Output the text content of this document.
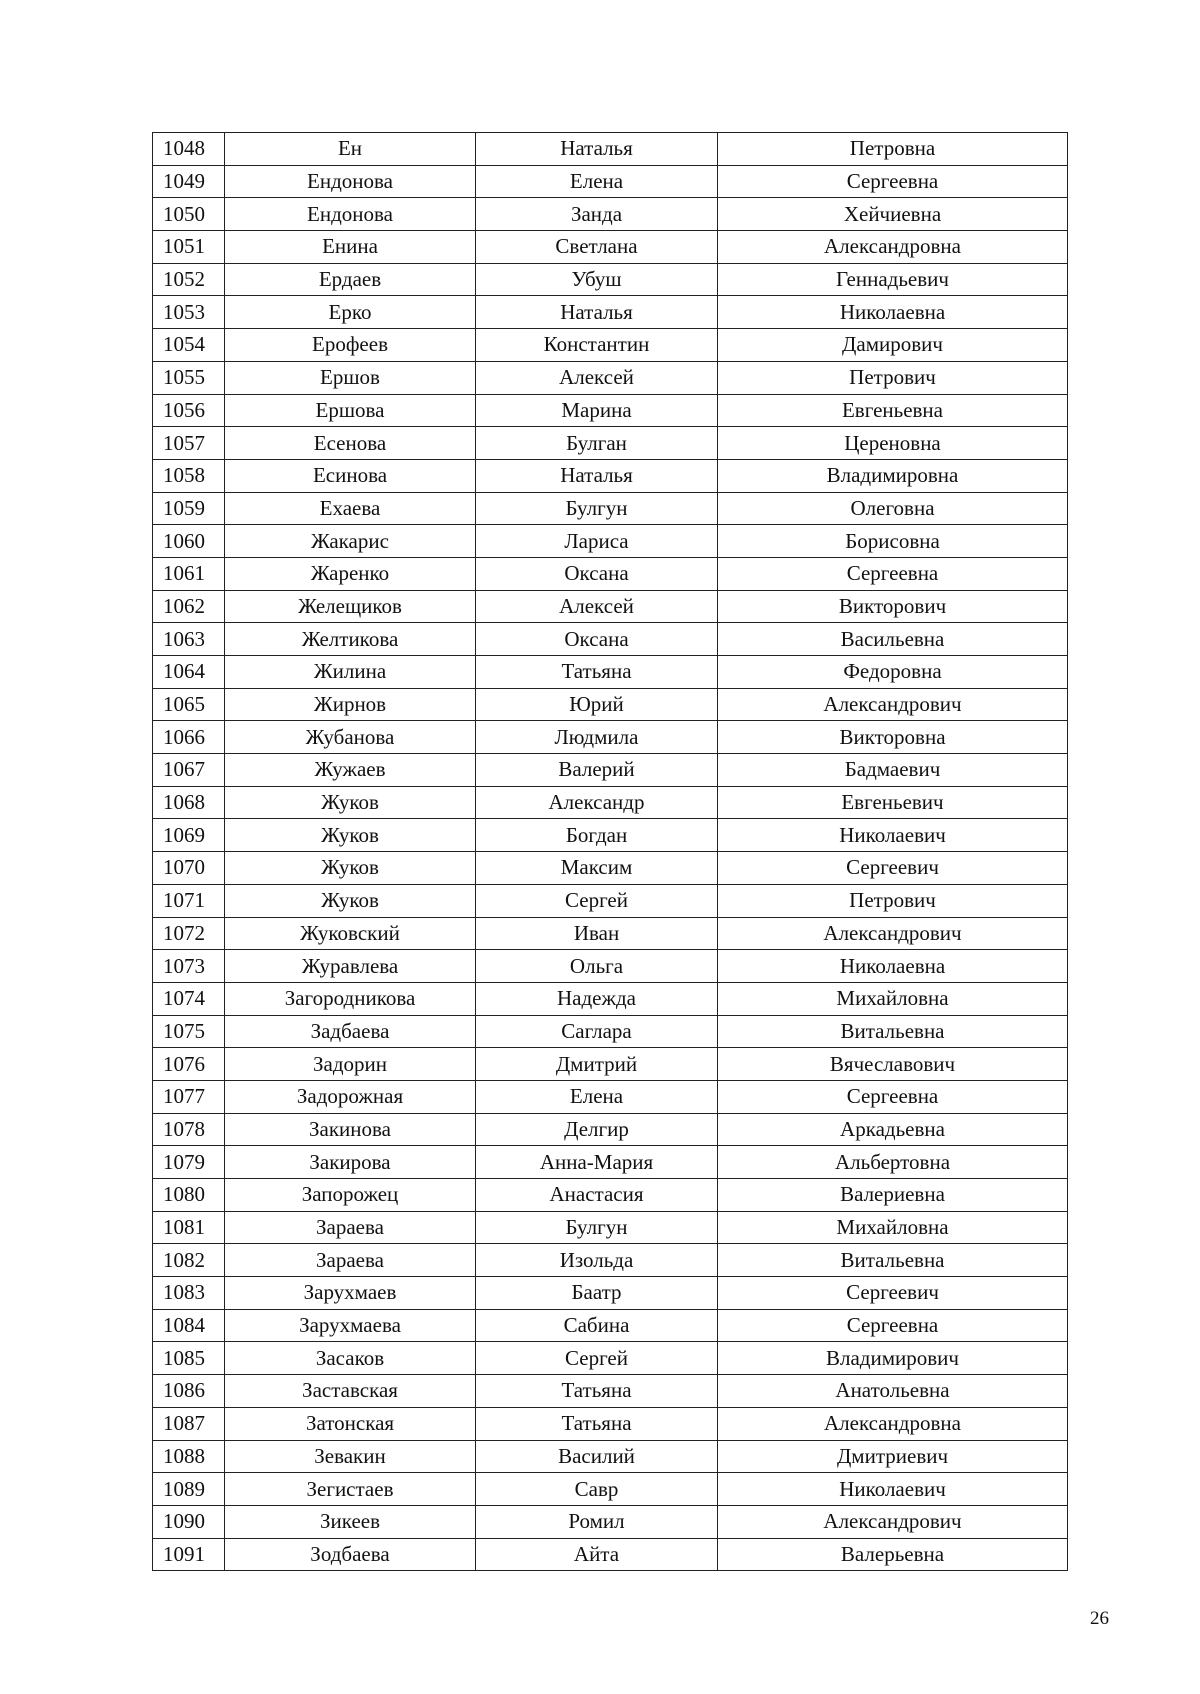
1048	Ен	Наталья	Петровна
1049	Ендонова	Елена	Сергеевна
1050	Ендонова	Занда	Хейчиевна
1051	Енина	Светлана	Александровна
1052	Ердаев	Убуш	Геннадьевич
1053	Ерко	Наталья	Николаевна
1054	Ерофеев	Константин	Дамирович
1055	Ершов	Алексей	Петрович
1056	Ершова	Марина	Евгеньевна
1057	Есенова	Булган	Цереновна
1058	Есинова	Наталья	Владимировна
1059	Ехаева	Булгун	Олеговна
1060	Жакарис	Лариса	Борисовна
1061	Жаренко	Оксана	Сергеевна
1062	Желещиков	Алексей	Викторович
1063	Желтикова	Оксана	Васильевна
1064	Жилина	Татьяна	Федоровна
1065	Жирнов	Юрий	Александрович
1066	Жубанова	Людмила	Викторовна
1067	Жужаев	Валерий	Бадмаевич
1068	Жуков	Александр	Евгеньевич
1069	Жуков	Богдан	Николаевич
1070	Жуков	Максим	Сергеевич
1071	Жуков	Сергей	Петрович
1072	Жуковский	Иван	Александрович
1073	Журавлева	Ольга	Николаевна
1074	Загородникова	Надежда	Михайловна
1075	Задбаева	Саглара	Витальевна
1076	Задорин	Дмитрий	Вячеславович
1077	Задорожная	Елена	Сергеевна
1078	Закинова	Делгир	Аркадьевна
1079	Закирова	Анна-Мария	Альбертовна
1080	Запорожец	Анастасия	Валериевна
1081	Зараева	Булгун	Михайловна
1082	Зараева	Изольда	Витальевна
1083	Зарухмаев	Баатр	Сергеевич
1084	Зарухмаева	Сабина	Сергеевна
1085	Засаков	Сергей	Владимирович
1086	Заставская	Татьяна	Анатольевна
1087	Затонская	Татьяна	Александровна
1088	Зевакин	Василий	Дмитриевич
1089	Зегистаев	Савр	Николаевич
1090	Зикеев	Ромил	Александрович
1091	Зодбаева	Айта	Валерьевна
26
